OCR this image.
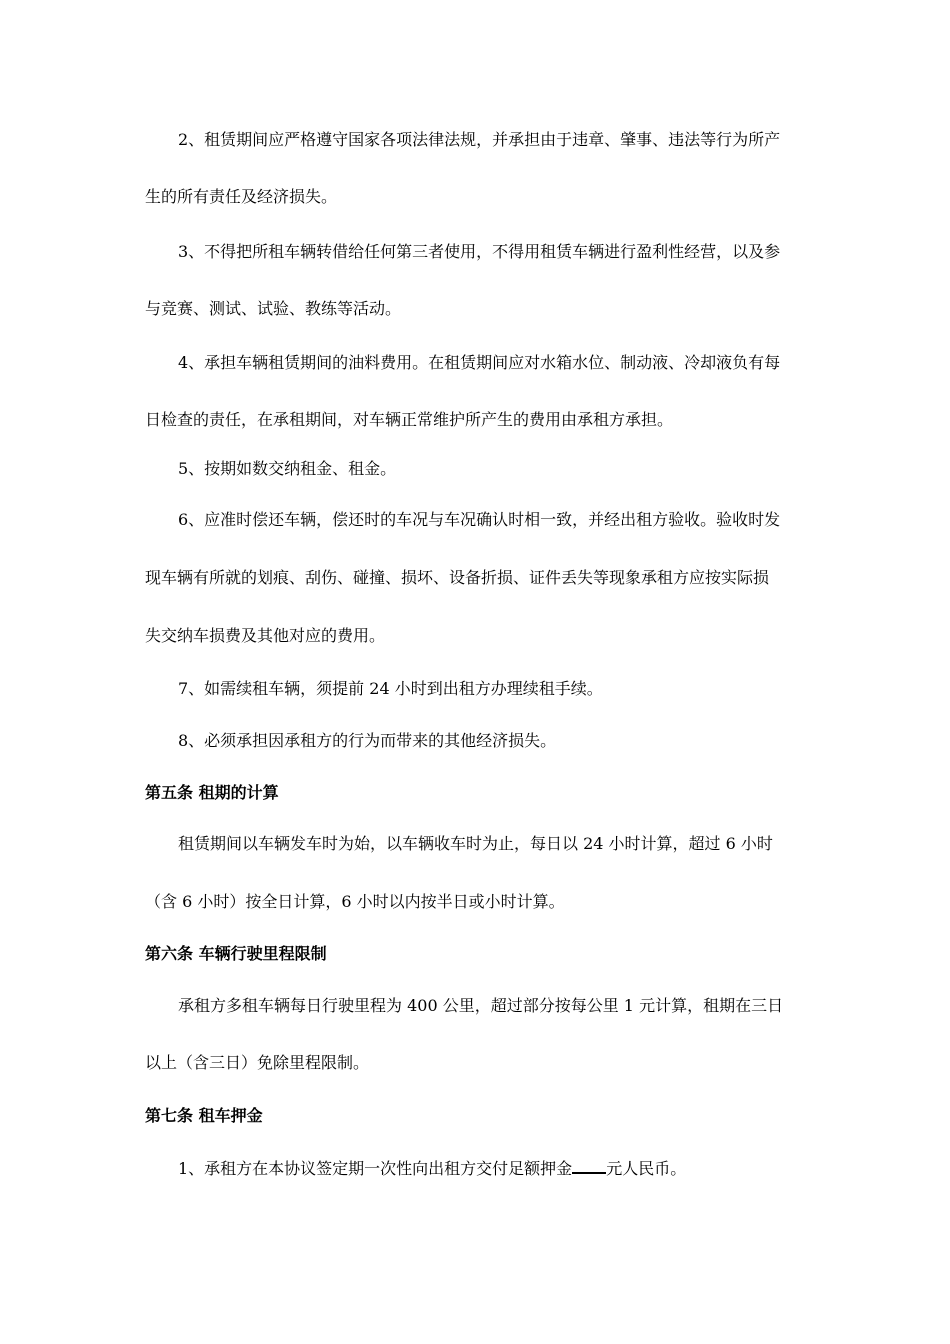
2、租赁期间应严格遵守国家各项法律法规，并承担由于违章、肇事、违法等行为所产
生的所有责任及经济损失。
3、不得把所租车辆转借给任何第三者使用，不得用租赁车辆进行盈利性经营，以及参
与竞赛、测试、试验、教练等活动。
4、承担车辆租赁期间的油料费用。在租赁期间应对水箱水位、制动液、冷却液负有每
日检查的责任，在承租期间，对车辆正常维护所产生的费用由承租方承担。
5、按期如数交纳租金、租金。
6、应准时偿还车辆，偿还时的车况与车况确认时相一致，并经出租方验收。验收时发
现车辆有所就的划痕、刮伤、碰撞、损坏、设备折损、证件丢失等现象承租方应按实际损
失交纳车损费及其他对应的费用。
7、如需续租车辆，须提前 24 小时到出租方办理续租手续。
8、必须承担因承租方的行为而带来的其他经济损失。
第五条 租期的计算
租赁期间以车辆发车时为始，以车辆收车时为止，每日以 24 小时计算，超过 6 小时
（含 6 小时）按全日计算，6 小时以内按半日或小时计算。
第六条 车辆行驶里程限制
承租方多租车辆每日行驶里程为 400 公里，超过部分按每公里 1 元计算，租期在三日
以上（含三日）免除里程限制。
第七条 租车押金
1、承租方在本协议签定期一次性向出租方交付足额押金 元人民币。
